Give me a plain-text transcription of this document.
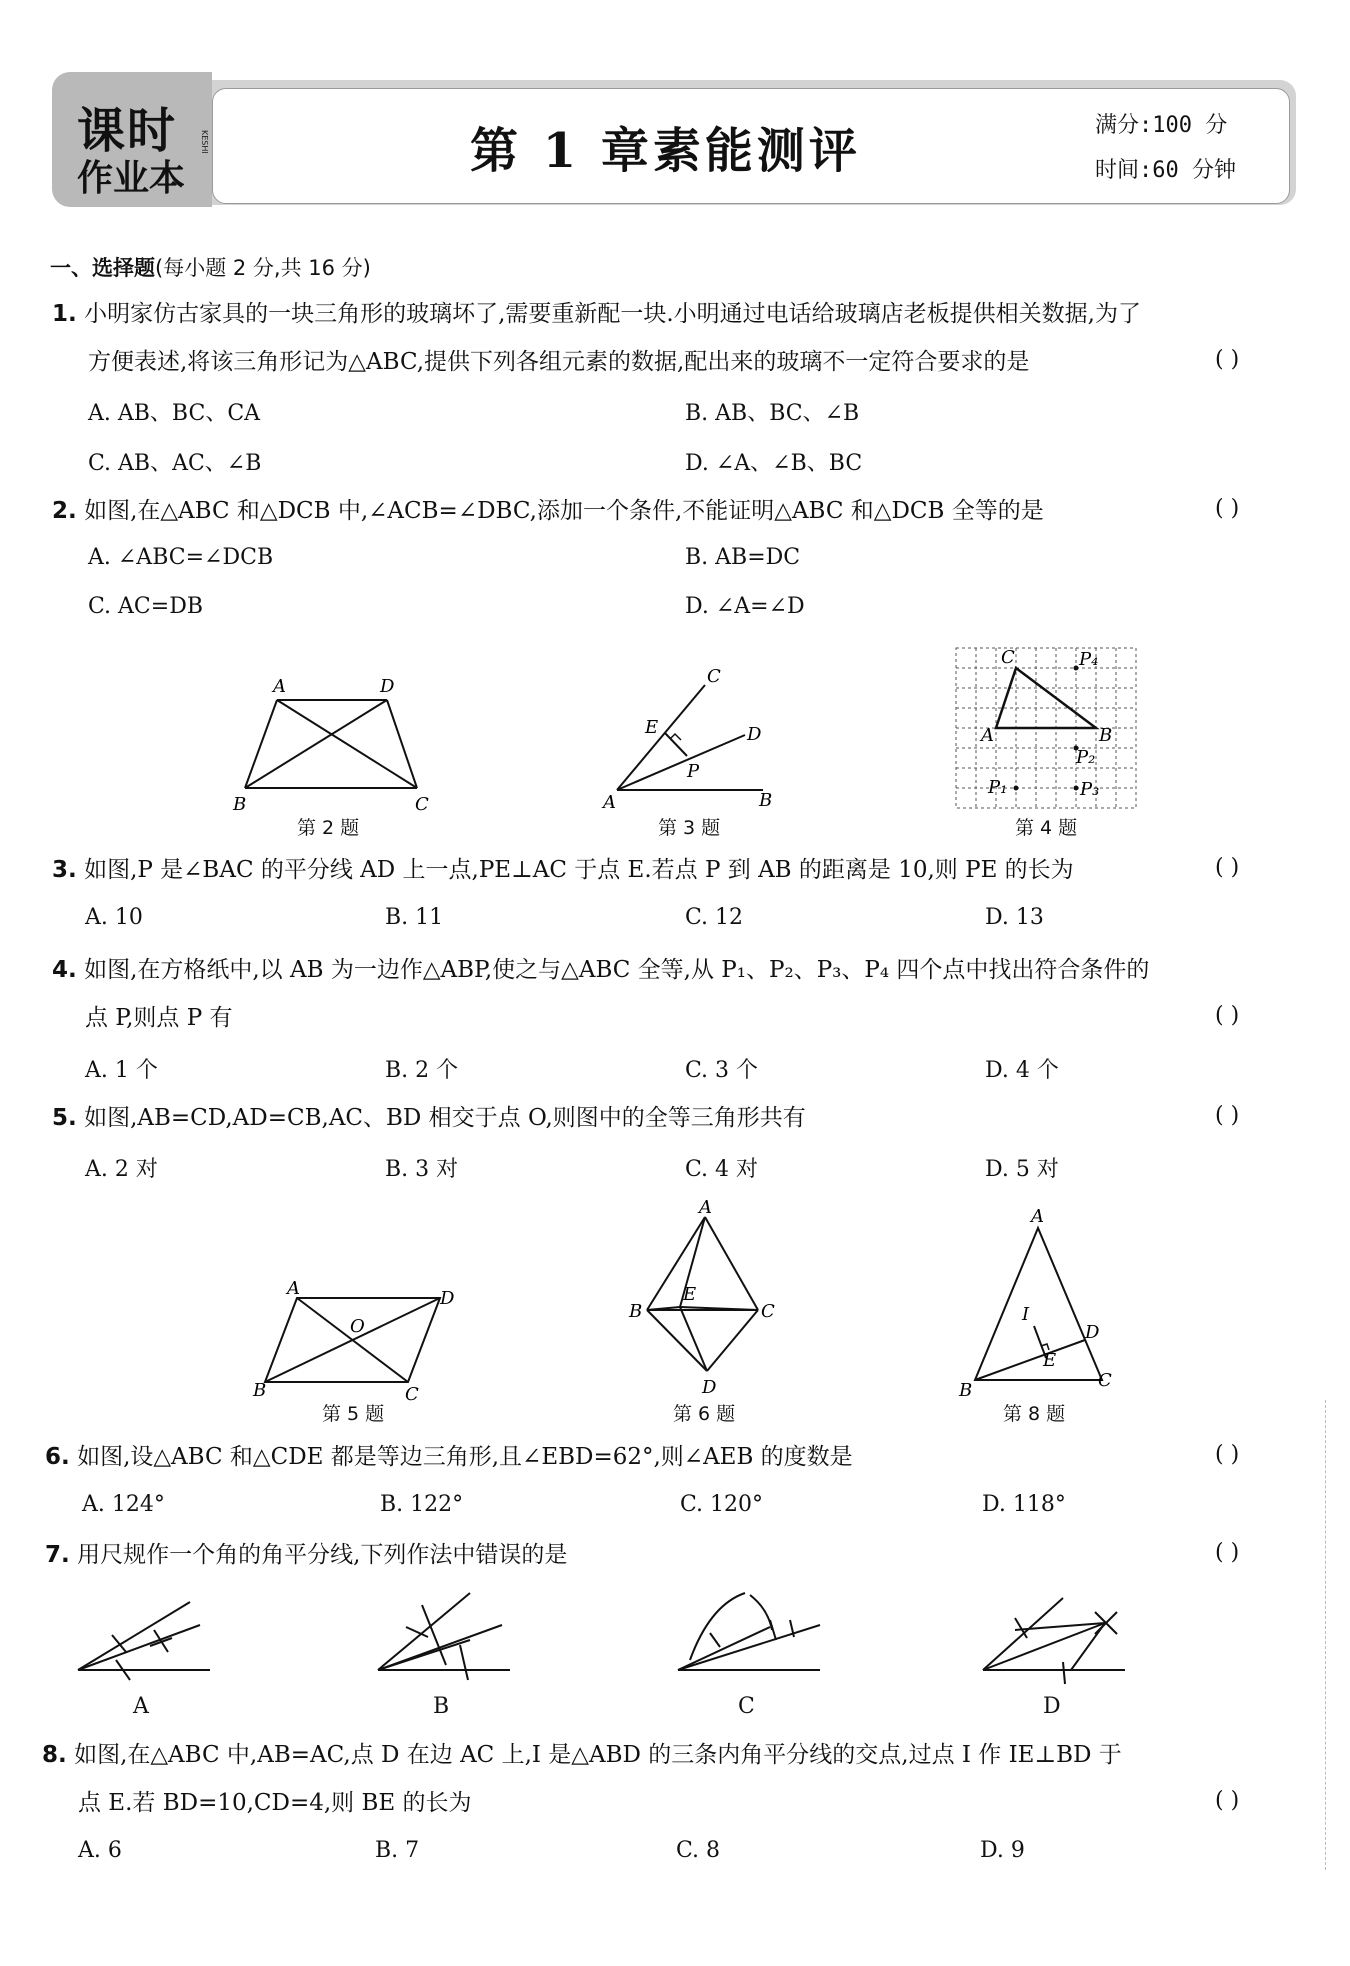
课时
作业本
KESHI	第 1 章素能测评	满分:100 分
时间:60 分钟
一、选择题(每小题 2 分,共 16 分)
1. 小明家仿古家具的一块三角形的玻璃坏了,需要重新配一块.小明通过电话给玻璃店老板提供相关数据,为了
方便表述,将该三角形记为△ABC,提供下列各组元素的数据,配出来的玻璃不一定符合要求的是	( )
A. AB、BC、CA	B. AB、BC、∠B
C. AB、AC、∠B	D. ∠A、∠B、BC
2. 如图,在△ABC 和△DCB 中,∠ACB=∠DBC,添加一个条件,不能证明△ABC 和△DCB 全等的是	( )
A. ∠ABC=∠DCB	B. AB=DC
C. AC=DB	D. ∠A=∠D
A	D
B	C
第 2 题
C
D
E
P
A	B
第 3 题
C	P₄
A	B
P₂
P₁	P₃
第 4 题
3. 如图,P 是∠BAC 的平分线 AD 上一点,PE⊥AC 于点 E.若点 P 到 AB 的距离是 10,则 PE 的长为	( )
A. 10	B. 11	C. 12	D. 13
4. 如图,在方格纸中,以 AB 为一边作△ABP,使之与△ABC 全等,从 P₁、P₂、P₃、P₄ 四个点中找出符合条件的
点 P,则点 P 有	( )
A. 1 个	B. 2 个	C. 3 个	D. 4 个
5. 如图,AB=CD,AD=CB,AC、BD 相交于点 O,则图中的全等三角形共有	( )
A. 2 对	B. 3 对	C. 4 对	D. 5 对
A	D
O
B	C
第 5 题
A
B	C
E
D
第 6 题
A
I
D
E
B	C
第 8 题
6. 如图,设△ABC 和△CDE 都是等边三角形,且∠EBD=62°,则∠AEB 的度数是	( )
A. 124°	B. 122°	C. 120°	D. 118°
7. 用尺规作一个角的角平分线,下列作法中错误的是	( )
A	B	C	D
8. 如图,在△ABC 中,AB=AC,点 D 在边 AC 上,I 是△ABD 的三条内角平分线的交点,过点 I 作 IE⊥BD 于
点 E.若 BD=10,CD=4,则 BE 的长为	( )
A. 6	B. 7	C. 8	D. 9
